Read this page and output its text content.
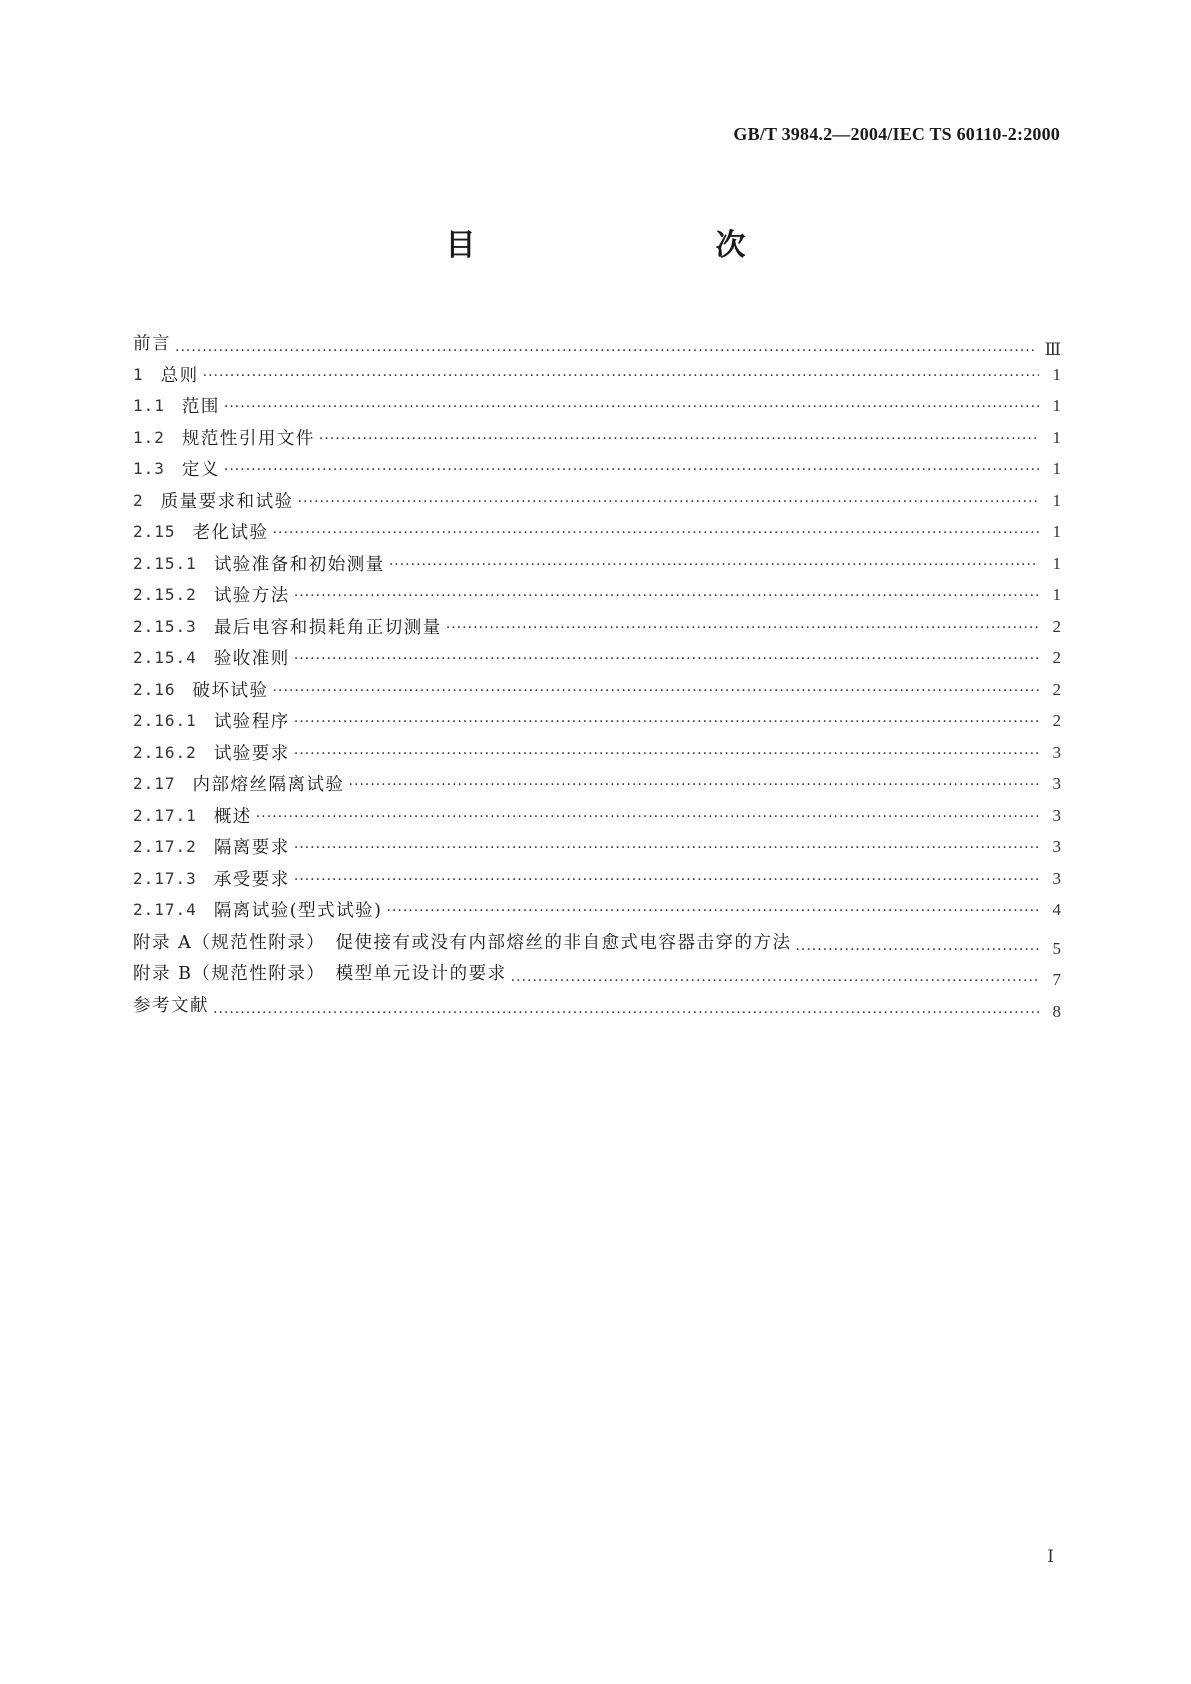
GB/T 3984.2—2004/IEC TS 60110-2:2000
目　　次
前言 ·····	Ⅲ
1　 总则 ·····	1
1.1　 范围 ·····	1
1.2　 规范性引用文件 ·····	1
1.3　 定义 ·····	1
2　 质量要求和试验 ·····	1
2.15　 老化试验 ·····	1
2.15.1　 试验准备和初始测量 ·····	1
2.15.2　 试验方法 ·····	1
2.15.3　 最后电容和损耗角正切测量 ·····	2
2.15.4　 验收准则 ·····	2
2.16　 破坏试验 ·····	2
2.16.1　 试验程序 ·····	2
2.16.2　 试验要求 ·····	3
2.17　 内部熔丝隔离试验 ·····	3
2.17.1　 概述 ·····	3
2.17.2　 隔离要求 ·····	3
2.17.3　 承受要求 ·····	3
2.17.4　 隔离试验(型式试验) ·····	4
附录 A（规范性附录）　促使接有或没有内部熔丝的非自愈式电容器击穿的方法 ·····	5
附录 B（规范性附录）　模型单元设计的要求 ·····	7
参考文献 ·····	8
Ⅰ
